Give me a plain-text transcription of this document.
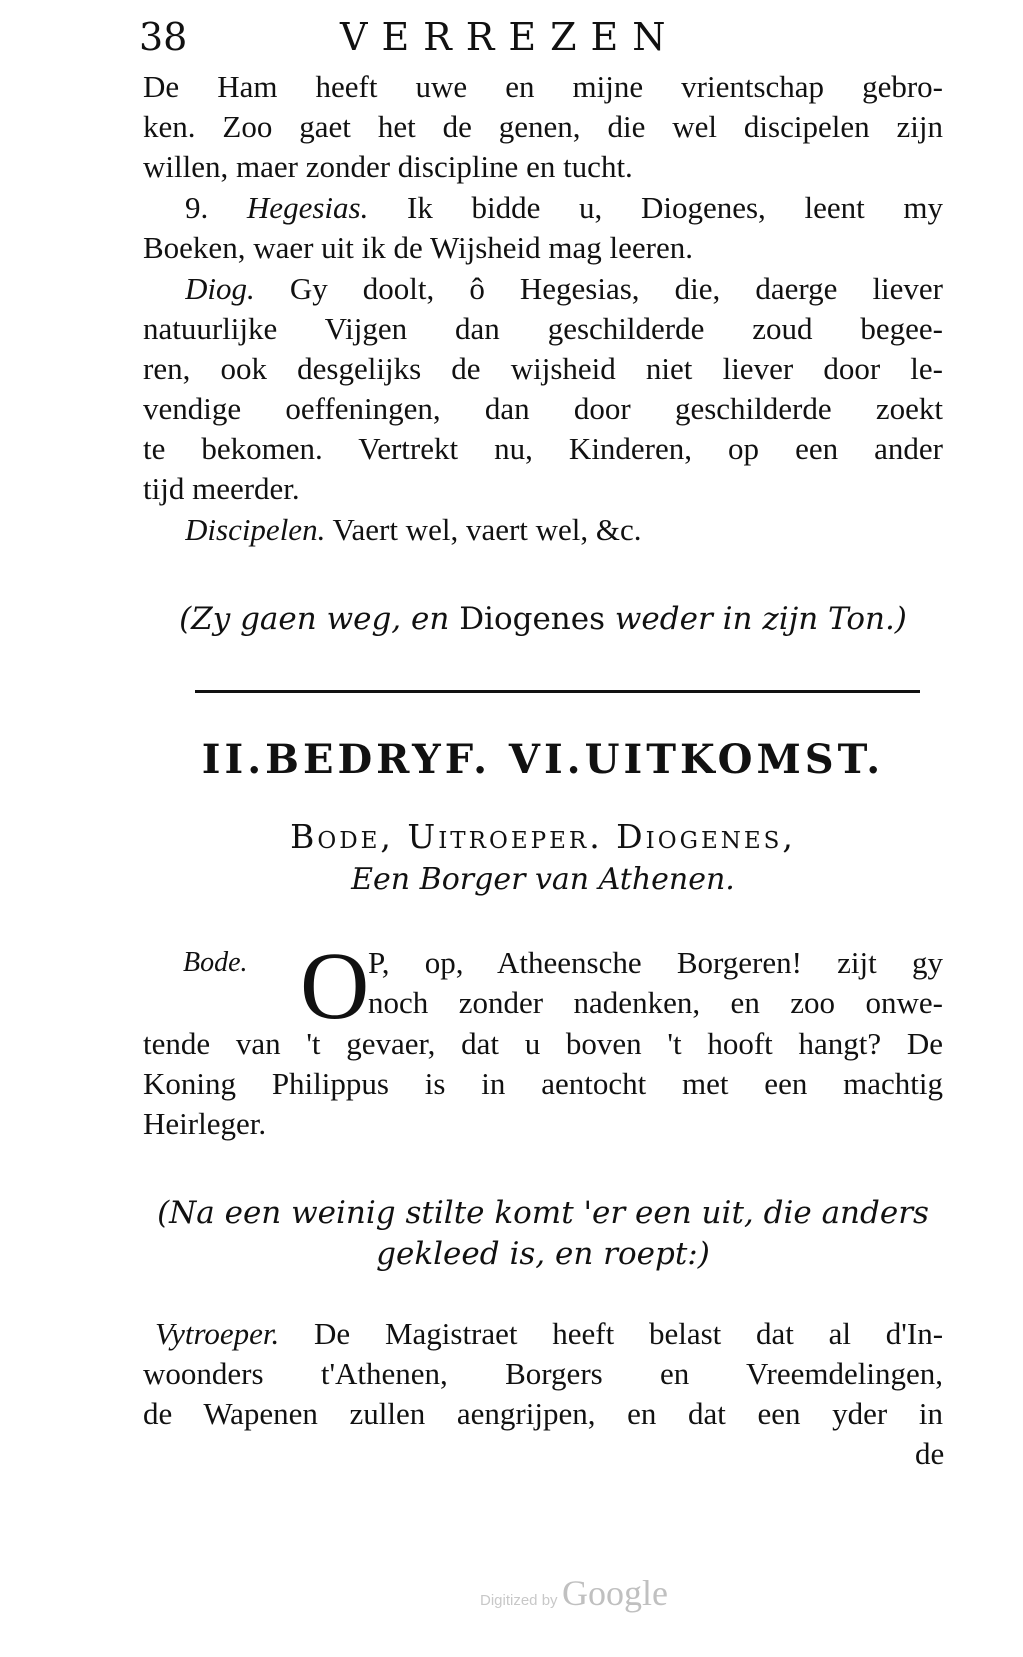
38	VERREZEN
De Ham heeft uwe en mijne vrientschap gebro-
ken. Zoo gaet het de genen, die wel discipelen zijn
willen, maer zonder discipline en tucht.
9. Hegesias. Ik bidde u, Diogenes, leent my
Boeken, waer uit ik de Wijsheid mag leeren.
Diog. Gy doolt, ô Hegesias, die, daerge liever
natuurlijke Vijgen dan geschilderde zoud begee-
ren, ook desgelijks de wijsheid niet liever door le-
vendige oeffeningen, dan door geschilderde zoekt
te bekomen. Vertrekt nu, Kinderen, op een ander
tijd meerder.
Discipelen. Vaert wel, vaert wel, &c.
(Zy gaen weg, en Diogenes weder in zijn Ton.)
II.BEDRYF. VI.UITKOMST.
Bode, Uitroeper. Diogenes,
Een Borger van Athenen.
Bode. O
P, op, Atheensche Borgeren! zijt gy
noch zonder nadenken, en zoo onwe-
tende van 't gevaer, dat u boven 't hooft hangt? De
Koning Philippus is in aentocht met een machtig
Heirleger.
(Na een weinig stilte komt 'er een uit, die anders
gekleed is, en roept:)
Vytroeper. De Magistraet heeft belast dat al d'In-
woonders t'Athenen, Borgers en Vreemdelingen,
de Wapenen zullen aengrijpen, en dat een yder in
de
Digitized by Google
